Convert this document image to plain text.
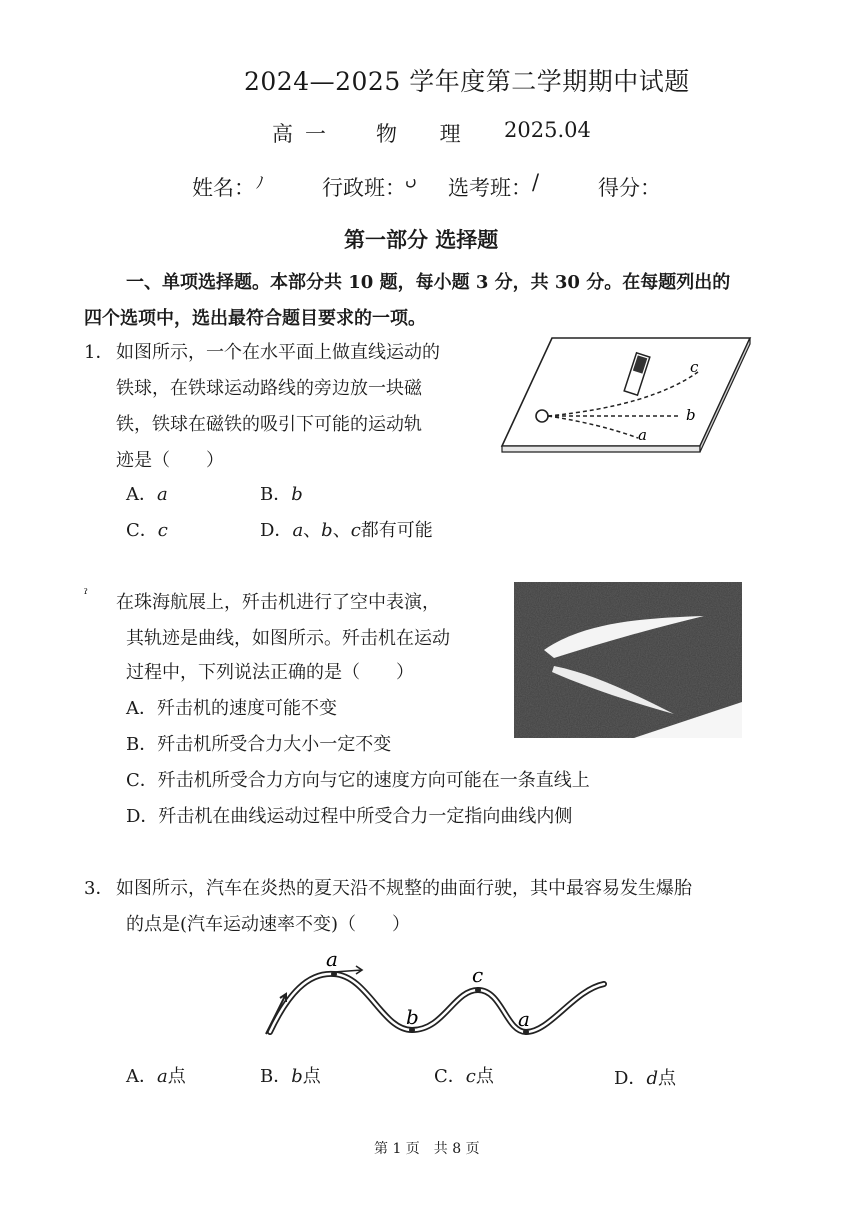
2024—2025 学年度第二学期期中试题
高一 物 理 2025.04
姓名： ﾉ	行政班： ں 选考班： /	得分：
第一部分 选择题
一、单项选择题。本部分共 10 题，每小题 3 分，共 30 分。在每题列出的
四个选项中，选出最符合题目要求的一项。
1． 如图所示，一个在水平面上做直线运动的
铁球，在铁球运动路线的旁边放一块磁
铁，铁球在磁铁的吸引下可能的运动轨
迹是（　　）
A．a	B．b
C．c	D．a、b、c都有可能
a
b
c
ˀ 在珠海航展上，歼击机进行了空中表演，
其轨迹是曲线，如图所示。歼击机在运动
过程中，下列说法正确的是（　　）
A．歼击机的速度可能不变
B．歼击机所受合力大小一定不变
C．歼击机所受合力方向与它的速度方向可能在一条直线上
D．歼击机在曲线运动过程中所受合力一定指向曲线内侧
3． 如图所示，汽车在炎热的夏天沿不规整的曲面行驶，其中最容易发生爆胎
的点是(汽车运动速率不变)（　　）
a
b
c
a
A．a点	B．b点	C．c点	D．d点
第 1 页　共 8 页
